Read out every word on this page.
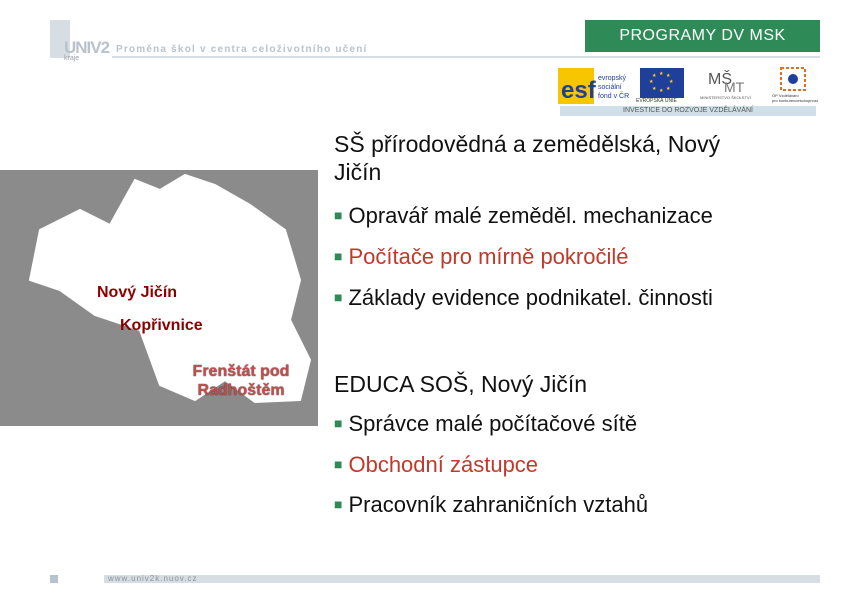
UNIV2
kraje
Proměna škol v centra celoživotního učení
PROGRAMY DV MSK
esf evropský
sociální
fond v ČR
★ ★
★
★
★
★
★
★
EVROPSKÁ UNIE
MŠ
MT
MINISTERSTVO ŠKOLSTVÍ	OP Vzdělávání
pro konkurenceschopnost
INVESTICE DO ROZVOJE VZDĚLÁVÁNÍ
Nový Jičín
Kopřivnice
Frenštát pod
Radhoštěm
SŠ přírodovědná a zemědělská, Nový
Jičín
■ Opravář malé zeměděl. mechanizace
■ Počítače pro mírně pokročilé
■ Základy evidence podnikatel. činnosti
EDUCA SOŠ, Nový Jičín
■ Správce malé počítačové sítě
■ Obchodní zástupce
■ Pracovník zahraničních vztahů
www.univ2k.nuov.cz
